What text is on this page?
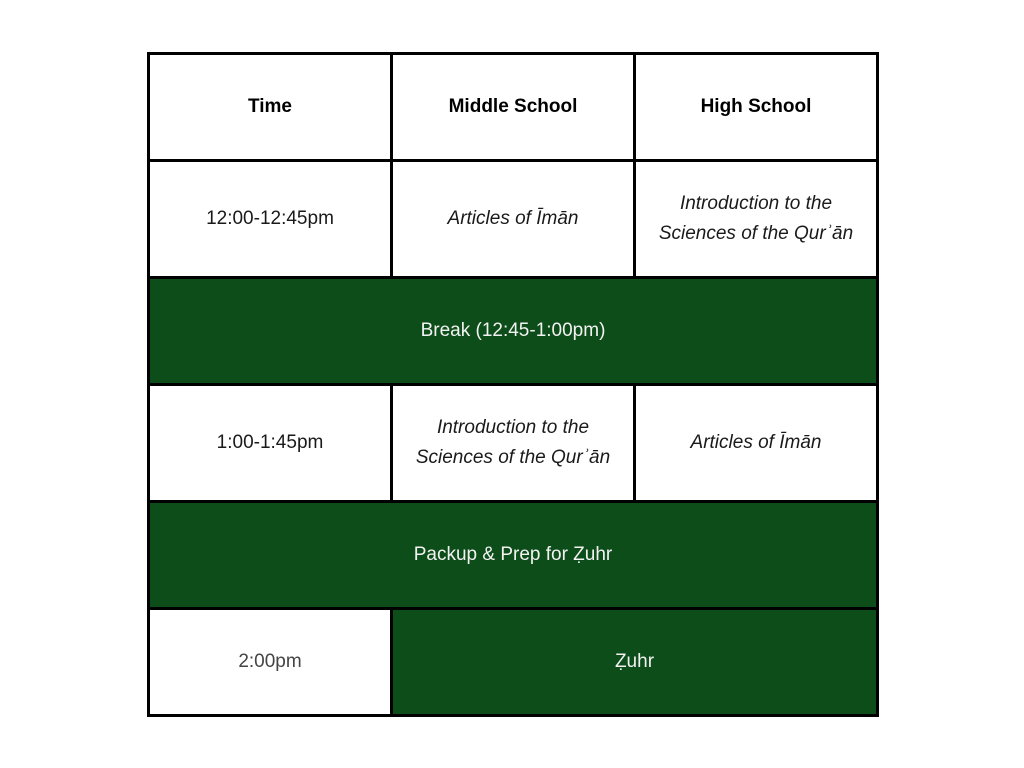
Time	Middle School	High School
12:00-12:45pm	Articles of Īmān	Introduction to the Sciences of the Qurʾān
Break (12:45-1:00pm)		
1:00-1:45pm	Introduction to the Sciences of the Qurʾān	Articles of Īmān
Packup & Prep for Ẓuhr		
2:00pm	Ẓuhr	
